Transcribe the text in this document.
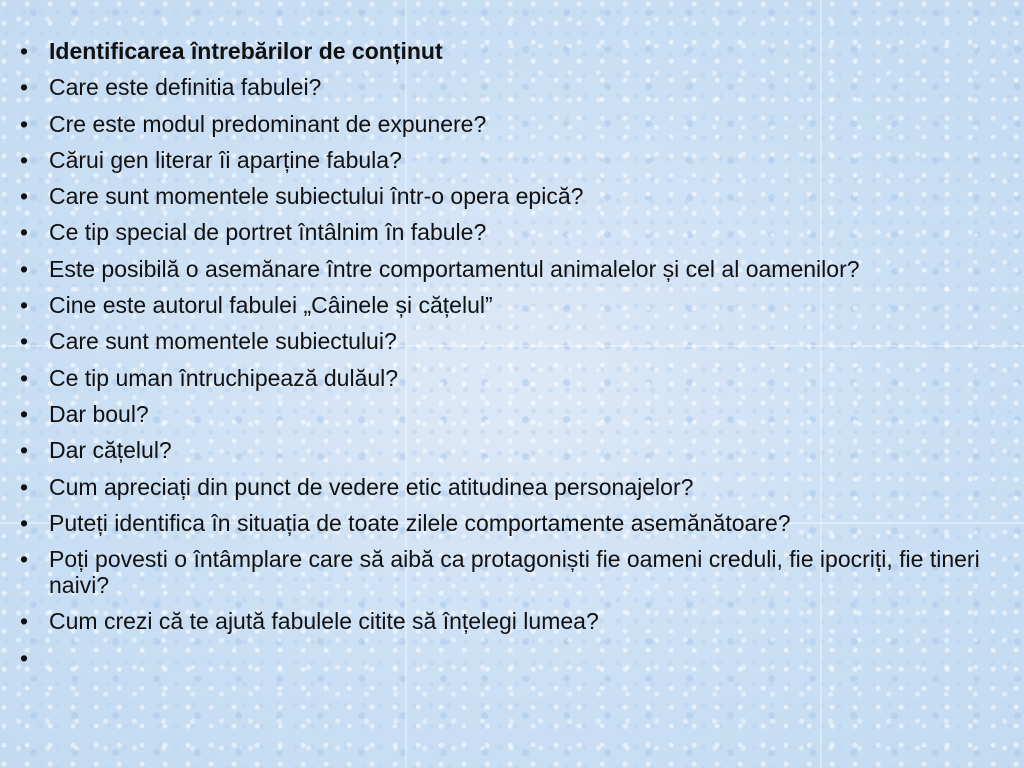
• Identificarea întrebărilor de conținut
• Care este definitia fabulei?
• Cre este modul predominant de expunere?
• Cărui gen literar îi aparține fabula?
• Care sunt momentele subiectului într-o opera epică?
• Ce tip special de portret întâlnim în fabule?
• Este posibilă o asemănare între comportamentul animalelor și cel al oamenilor?
• Cine este autorul fabulei „Câinele și cățelul”
• Care sunt momentele subiectului?
• Ce tip uman întruchipează dulăul?
• Dar boul?
• Dar cățelul?
• Cum apreciați din punct de vedere etic atitudinea personajelor?
• Puteți identifica în situația de toate zilele comportamente asemănătoare?
• Poți povesti o întâmplare care să aibă ca protagoniști fie oameni creduli, fie ipocriți, fie tineri naivi?
• Cum crezi că te ajută fabulele citite să înțelegi lumea?
•
